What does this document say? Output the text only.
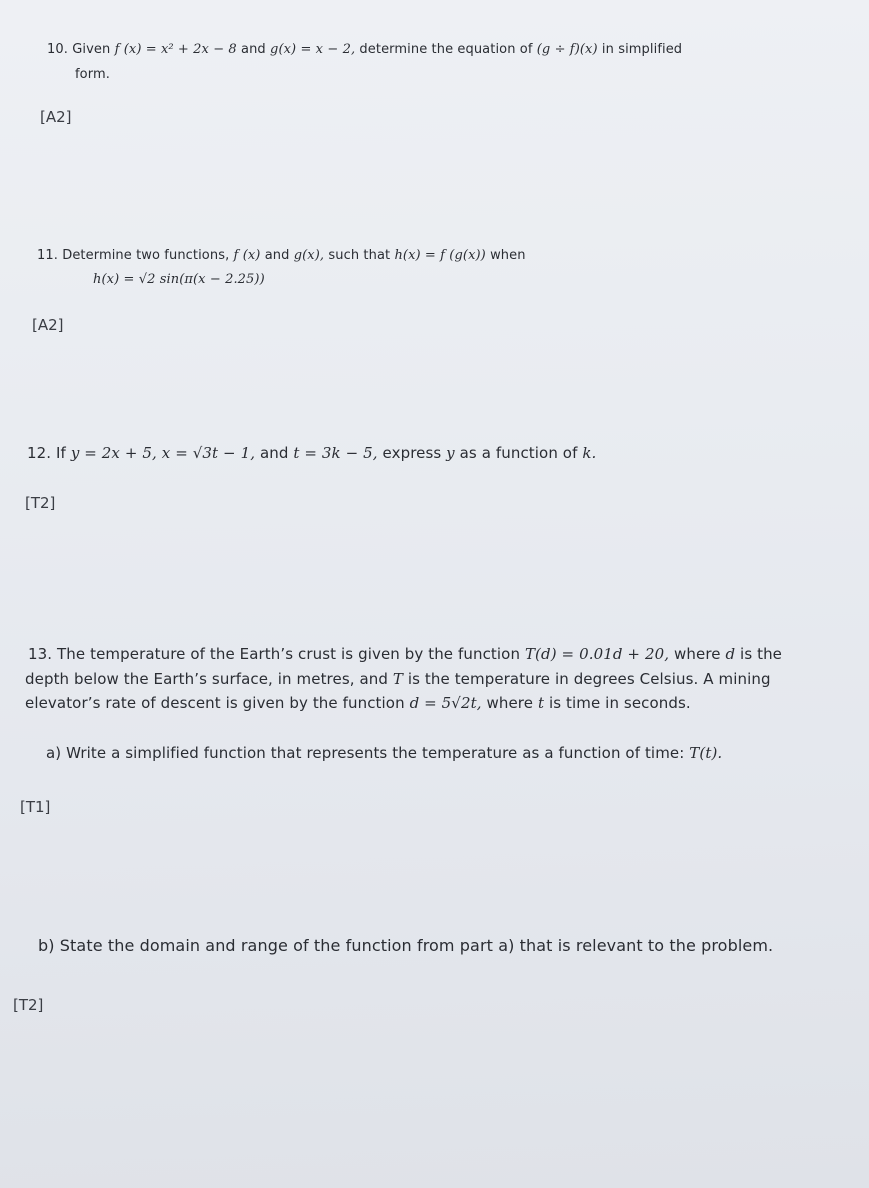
10. Given f (x) = x² + 2x − 8 and g(x) = x − 2, determine the equation of (g ÷ f)(x) in simplified
form.
[A2]
11. Determine two functions, f (x) and g(x), such that h(x) = f (g(x)) when
h(x) = √2 sin(π(x − 2.25))
[A2]
12. If y = 2x + 5, x = √3t − 1, and t = 3k − 5, express y as a function of k.
[T2]
13. The temperature of the Earth’s crust is given by the function T(d) = 0.01d + 20, where d is the
depth below the Earth’s surface, in metres, and T is the temperature in degrees Celsius. A mining
elevator’s rate of descent is given by the function d = 5√2t, where t is time in seconds.
a) Write a simplified function that represents the temperature as a function of time: T(t).
[T1]
b) State the domain and range of the function from part a) that is relevant to the problem.
[T2]
